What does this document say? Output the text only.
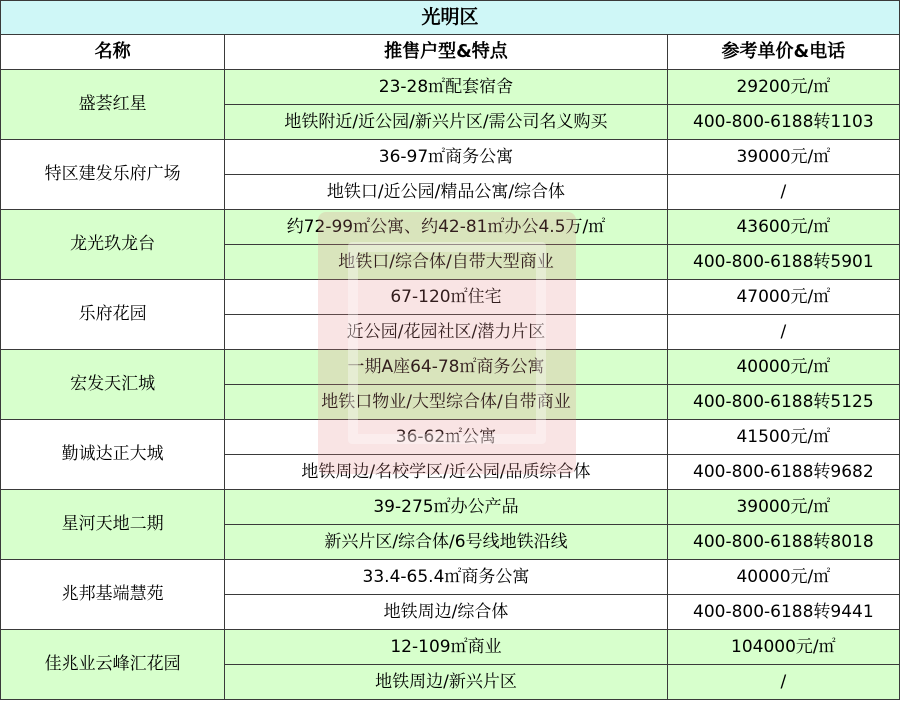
光明区		
名称	推售户型&特点	参考单价&电话
盛荟红星	23-28㎡配套宿舍	29200元/㎡
	地铁附近/近公园/新兴片区/需公司名义购买	400-800-6188转1103
特区建发乐府广场	36-97㎡商务公寓	39000元/㎡
	地铁口/近公园/精品公寓/综合体	/
龙光玖龙台	约72-99㎡公寓、约42-81㎡办公4.5万/㎡	43600元/㎡
	地铁口/综合体/自带大型商业	400-800-6188转5901
乐府花园	67-120㎡住宅	47000元/㎡
	近公园/花园社区/潜力片区	/
宏发天汇城	一期A座64-78㎡商务公寓	40000元/㎡
	地铁口物业/大型综合体/自带商业	400-800-6188转5125
勤诚达正大城	36-62㎡公寓	41500元/㎡
	地铁周边/名校学区/近公园/品质综合体	400-800-6188转9682
星河天地二期	39-275㎡办公产品	39000元/㎡
	新兴片区/综合体/6号线地铁沿线	400-800-6188转8018
兆邦基端慧苑	33.4-65.4㎡商务公寓	40000元/㎡
	地铁周边/综合体	400-800-6188转9441
佳兆业云峰汇花园	12-109㎡商业	104000元/㎡
	地铁周边/新兴片区	/
